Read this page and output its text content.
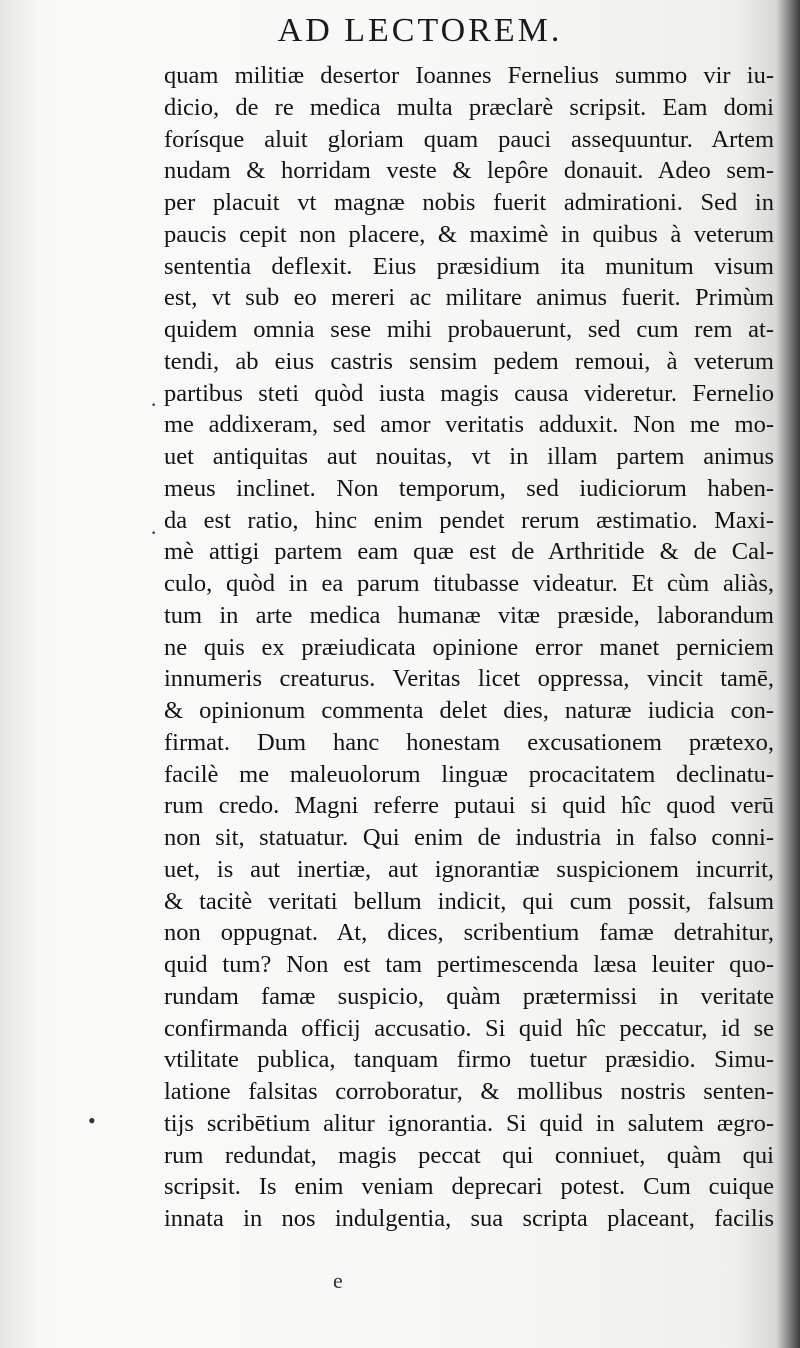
AD LECTOREM.
quam militiæ desertor Ioannes Fernelius summo vir iu-
dicio, de re medica multa præclarè scripsit. Eam domi
forísque aluit gloriam quam pauci assequuntur. Artem
nudam & horridam veste & lepôre donauit. Adeo sem-
per placuit vt magnæ nobis fuerit admirationi. Sed in
paucis cepit non placere, & maximè in quibus à veterum
sententia deflexit. Eius præsidium ita munitum visum
est, vt sub eo mereri ac militare animus fuerit. Primùm
quidem omnia sese mihi probauerunt, sed cum rem at-
tendi, ab eius castris sensim pedem remoui, à veterum
partibus steti quòd iusta magis causa videretur. Fernelio
me addixeram, sed amor veritatis adduxit. Non me mo-
uet antiquitas aut nouitas, vt in illam partem animus
meus inclinet. Non temporum, sed iudiciorum haben-
da est ratio, hinc enim pendet rerum æstimatio. Maxi-
mè attigi partem eam quæ est de Arthritide & de Cal-
culo, quòd in ea parum titubasse videatur. Et cùm aliàs,
tum in arte medica humanæ vitæ præside, laborandum
ne quis ex præiudicata opinione error manet perniciem
innumeris creaturus. Veritas licet oppressa, vincit tamē,
& opinionum commenta delet dies, naturæ iudicia con-
firmat. Dum hanc honestam excusationem prætexo,
facilè me maleuolorum linguæ procacitatem declinatu-
rum credo. Magni referre putaui si quid hîc quod verū
non sit, statuatur. Qui enim de industria in falso conni-
uet, is aut inertiæ, aut ignorantiæ suspicionem incurrit,
& tacitè veritati bellum indicit, qui cum possit, falsum
non oppugnat. At, dices, scribentium famæ detrahitur,
quid tum? Non est tam pertimescenda læsa leuiter quo-
rundam famæ suspicio, quàm prætermissi in veritate
confirmanda officij accusatio. Si quid hîc peccatur, id se
vtilitate publica, tanquam firmo tuetur præsidio. Simu-
latione falsitas corroboratur, & mollibus nostris senten-
tijs scribētium alitur ignorantia. Si quid in salutem ægro-
rum redundat, magis peccat qui conniuet, quàm qui
scripsit. Is enim veniam deprecari potest. Cum cuique
innata in nos indulgentia, sua scripta placeant, facilis
·
·
•
e
